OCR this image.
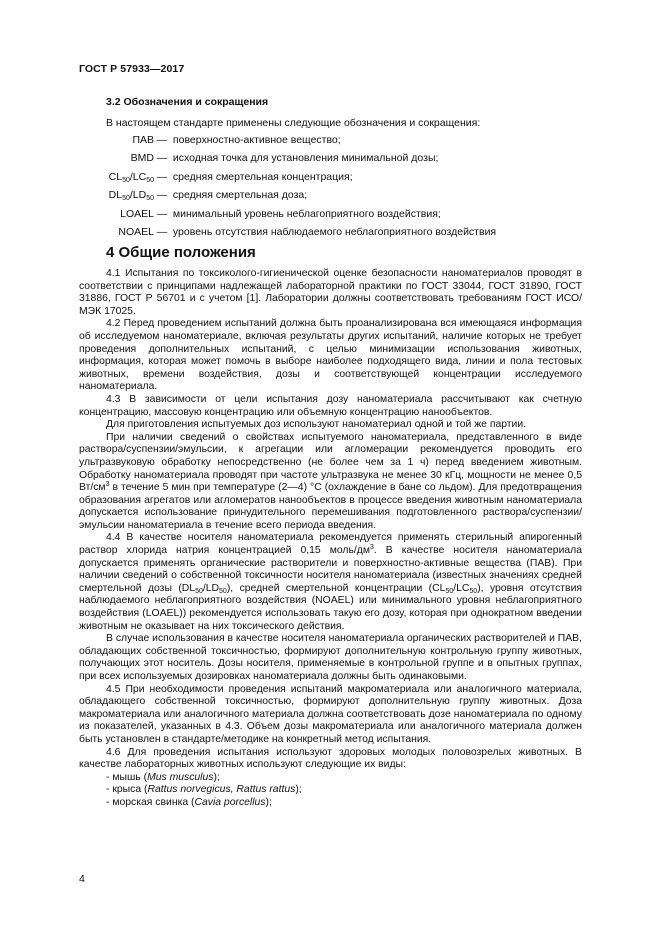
ГОСТ Р 57933—2017
3.2 Обозначения и сокращения
В настоящем стандарте применены следующие обозначения и сокращения:
ПАВ — поверхностно-активное вещество;
BMD — исходная точка для установления минимальной дозы;
$CL_{50}/LC_{50}$ — средняя смертельная концентрация;
$DL_{50}/LD_{50}$ — средняя смертельная доза;
LOAEL — минимальный уровень неблагоприятного воздействия;
NOAEL — уровень отсутствия наблюдаемого неблагоприятного воздействия
4 Общие положения

4.1 Испытания по токсиколого-гигиенической оценке безопасности наноматериалов проводят в соответствии с принципами надлежащей лабораторной практики по ГОСТ 33044, ГОСТ 31890, ГОСТ 31886, ГОСТ Р 56701 и с учетом [1]. Лаборатории должны соответствовать требованиям ГОСТ ИСО/МЭК 17025.

4.2 Перед проведением испытаний должна быть проанализирована вся имеющаяся информация об исследуемом наноматериале, включая результаты других испытаний, наличие которых не требует проведения дополнительных испытаний, с целью минимизации использования животных, информация, которая может помочь в выборе наиболее подходящего вида, линии и пола тестовых животных, времени воздействия, дозы и соответствующей концентрации исследуемого наноматериала.

4.3 В зависимости от цели испытания дозу наноматериала рассчитывают как счетную концентрацию, массовую концентрацию или объемную концентрацию нанообъектов.

Для приготовления испытуемых доз используют наноматериал одной и той же партии.

При наличии сведений о свойствах испытуемого наноматериала, представленного в виде раствора/суспензии/эмульсии, к агрегации или агломерации рекомендуется проводить его ультразвуковую обработку непосредственно (не более чем за 1 ч) перед введением животным. Обработку наноматериала проводят при частоте ультразвука не менее 30 кГц, мощности не менее 0,5 $Вт/см^3$ в течение 5 мин при температуре (2—4) °С (охлаждение в бане со льдом). Для предотвращения образования агрегатов или агломератов нанообъектов в процессе введения животным наноматериала допускается использование принудительного перемешивания подготовленного раствора/суспензии/эмульсии наноматериала в течение всего периода введения.

4.4 В качестве носителя наноматериала рекомендуется применять стерильный апирогенный раствор хлорида натрия концентрацией 0,15 моль/$дм^3$. В качестве носителя наноматериала допускается применять органические растворители и поверхностно-активные вещества (ПАВ). При наличии сведений о собственной токсичности носителя наноматериала (известных значениях средней смертельной дозы $(DL_{50}/LD_{50})$, средней смертельной концентрации $(CL_{50}/LC_{50})$, уровня отсутствия наблюдаемого неблагоприятного воздействия (NOAEL) или минимального уровня неблагоприятного воздействия (LOAEL)) рекомендуется использовать такую его дозу, которая при однократном введении животным не оказывает на них токсического действия.

В случае использования в качестве носителя наноматериала органических растворителей и ПАВ, обладающих собственной токсичностью, формируют дополнительную контрольную группу животных, получающих этот носитель. Дозы носителя, применяемые в контрольной группе и в опытных группах, при всех используемых дозировках наноматериала должны быть одинаковыми.

4.5 При необходимости проведения испытаний макроматериала или аналогичного материала, обладающего собственной токсичностью, формируют дополнительную группу животных. Доза макроматериала или аналогичного материала должна соответствовать дозе наноматериала по одному из показателей, указанных в 4.3. Объем дозы макроматериала или аналогичного материала должен быть установлен в стандарте/методике на конкретный метод испытания.

4.6 Для проведения испытания используют здоровых молодых половозрелых животных. В качестве лабораторных животных используют следующие их виды:

- мышь (Mus musculus);

- крыса (Rattus norvegicus, Rattus rattus);

- морская свинка (Cavia porcellus);

4
